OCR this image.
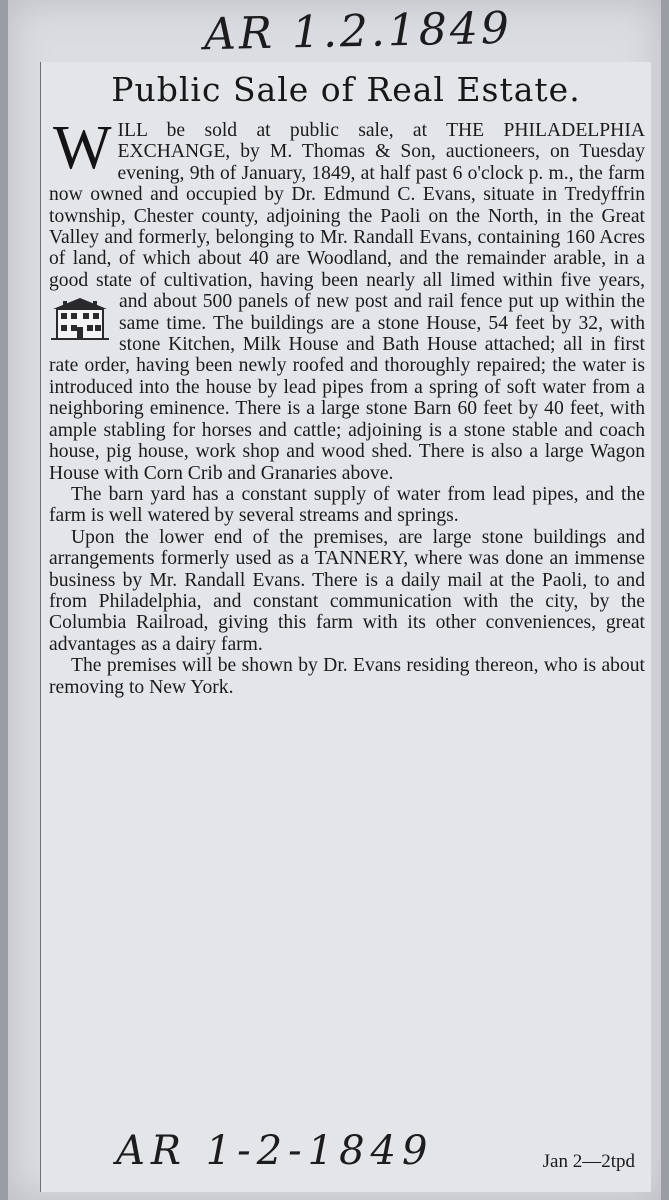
AR 1.2.1849
Public Sale of Real Estate.

WILL be sold at public sale, at THE PHILADELPHIA EXCHANGE, by M. Thomas & Son, auctioneers, on Tuesday evening, 9th of January, 1849, at half past 6 o'clock p. m., the farm now owned and occupied by Dr. Edmund C. Evans, situate in Tredyffrin township, Chester county, adjoining the Paoli on the North, in the Great Valley and formerly, belonging to Mr. Randall Evans, containing 160 Acres of land, of which about 40 are Woodland, and the remainder arable, in a good state of cultivation, having been nearly all limed within five years, and about 500 panels of new post and rail fence put up within the same time. The buildings are a stone House, 54 feet by 32, with stone Kitchen, Milk House and Bath House attached; all in first rate order, having been newly roofed and thoroughly repaired; the water is introduced into the house by lead pipes from a spring of soft water from a neighboring eminence. There is a large stone Barn 60 feet by 40 feet, with ample stabling for horses and cattle; adjoining is a stone stable and coach house, pig house, work shop and wood shed. There is also a large Wagon House with Corn Crib and Granaries above.

The barn yard has a constant supply of water from lead pipes, and the farm is well watered by several streams and springs.

Upon the lower end of the premises, are large stone buildings and arrangements formerly used as a TANNERY, where was done an immense business by Mr. Randall Evans. There is a daily mail at the Paoli, to and from Philadelphia, and constant communication with the city, by the Columbia Railroad, giving this farm with its other conveniences, great advantages as a dairy farm.

The premises will be shown by Dr. Evans residing thereon, who is about removing to New York.

AR 1-2-1849	Jan 2—2tpd
